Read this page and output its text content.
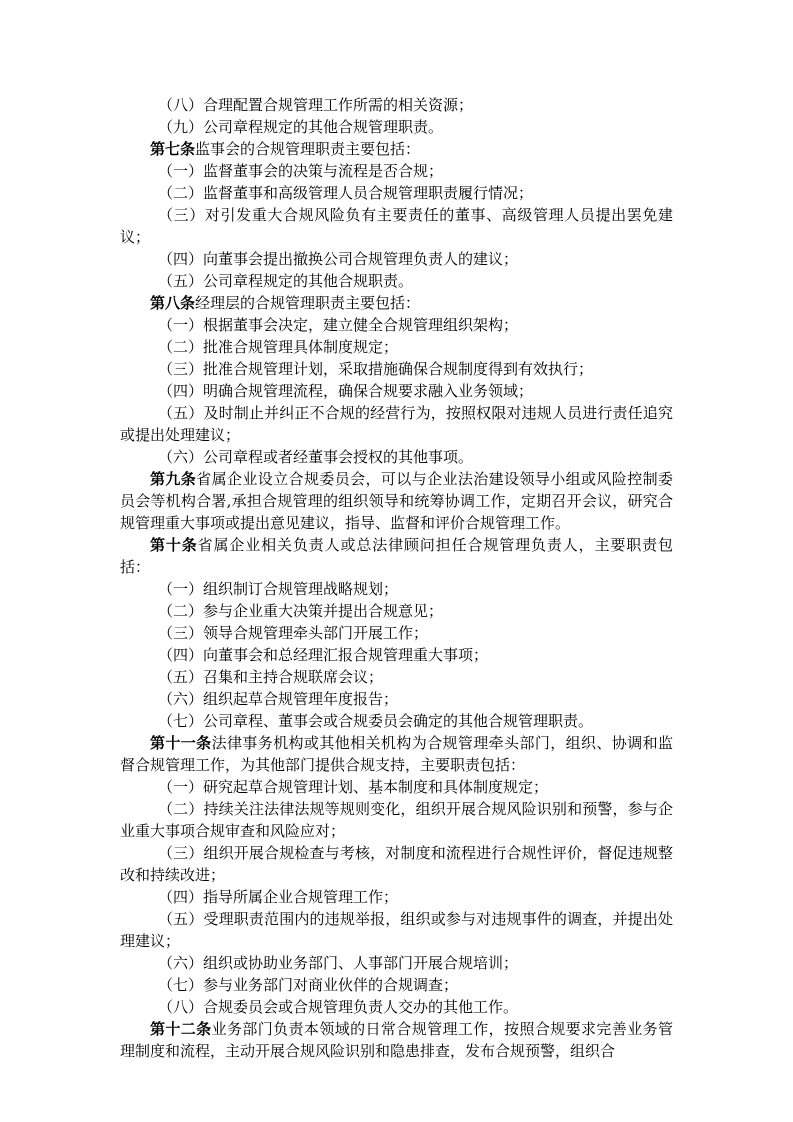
（八）合理配置合规管理工作所需的相关资源；

（九）公司章程规定的其他合规管理职责。

第七条监事会的合规管理职责主要包括：

（一）监督董事会的决策与流程是否合规；

（二）监督董事和高级管理人员合规管理职责履行情况；

（三）对引发重大合规风险负有主要责任的董事、高级管理人员提出罢免建议；

（四）向董事会提出撤换公司合规管理负责人的建议；

（五）公司章程规定的其他合规职责。

第八条经理层的合规管理职责主要包括：

（一）根据董事会决定，建立健全合规管理组织架构；

（二）批准合规管理具体制度规定；

（三）批准合规管理计划，采取措施确保合规制度得到有效执行；

（四）明确合规管理流程，确保合规要求融入业务领域；

（五）及时制止并纠正不合规的经营行为，按照权限对违规人员进行责任追究或提出处理建议；

（六）公司章程或者经董事会授权的其他事项。

第九条省属企业设立合规委员会，可以与企业法治建设领导小组或风险控制委员会等机构合署,承担合规管理的组织领导和统筹协调工作，定期召开会议，研究合规管理重大事项或提出意见建议，指导、监督和评价合规管理工作。

第十条省属企业相关负责人或总法律顾问担任合规管理负责人，主要职责包括：

（一）组织制订合规管理战略规划；

（二）参与企业重大决策并提出合规意见；

（三）领导合规管理牵头部门开展工作；

（四）向董事会和总经理汇报合规管理重大事项；

（五）召集和主持合规联席会议；

（六）组织起草合规管理年度报告；

（七）公司章程、董事会或合规委员会确定的其他合规管理职责。

第十一条法律事务机构或其他相关机构为合规管理牵头部门，组织、协调和监督合规管理工作，为其他部门提供合规支持，主要职责包括：

（一）研究起草合规管理计划、基本制度和具体制度规定；

（二）持续关注法律法规等规则变化，组织开展合规风险识别和预警，参与企业重大事项合规审查和风险应对；

（三）组织开展合规检查与考核，对制度和流程进行合规性评价，督促违规整改和持续改进；

（四）指导所属企业合规管理工作；

（五）受理职责范围内的违规举报，组织或参与对违规事件的调查，并提出处理建议；

（六）组织或协助业务部门、人事部门开展合规培训；

（七）参与业务部门对商业伙伴的合规调查；

（八）合规委员会或合规管理负责人交办的其他工作。

第十二条业务部门负责本领域的日常合规管理工作，按照合规要求完善业务管理制度和流程，主动开展合规风险识别和隐患排查，发布合规预警，组织合
